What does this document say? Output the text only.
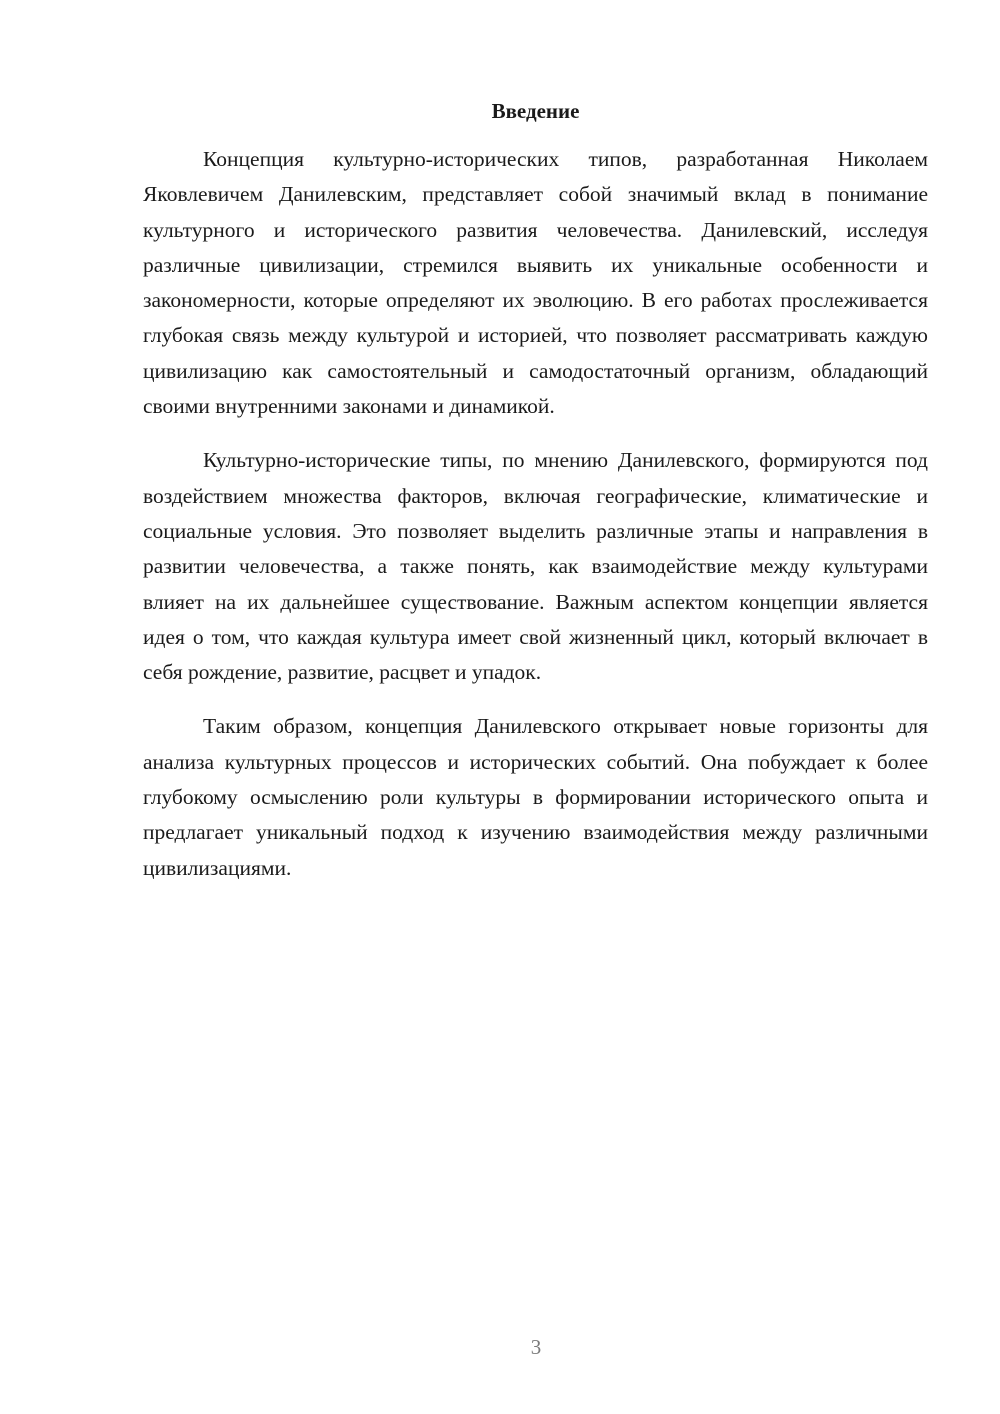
Введение

Концепция культурно-исторических типов, разработанная Николаем Яковлевичем Данилевским, представляет собой значимый вклад в понимание культурного и исторического развития человечества. Данилевский, исследуя различные цивилизации, стремился выявить их уникальные особенности и закономерности, которые определяют их эволюцию. В его работах прослеживается глубокая связь между культурой и историей, что позволяет рассматривать каждую цивилизацию как самостоятельный и самодостаточный организм, обладающий своими внутренними законами и динамикой.

Культурно-исторические типы, по мнению Данилевского, формируются под воздействием множества факторов, включая географические, климатические и социальные условия. Это позволяет выделить различные этапы и направления в развитии человечества, а также понять, как взаимодействие между культурами влияет на их дальнейшее существование. Важным аспектом концепции является идея о том, что каждая культура имеет свой жизненный цикл, который включает в себя рождение, развитие, расцвет и упадок.

Таким образом, концепция Данилевского открывает новые горизонты для анализа культурных процессов и исторических событий. Она побуждает к более глубокому осмыслению роли культуры в формировании исторического опыта и предлагает уникальный подход к изучению взаимодействия между различными цивилизациями.

3
